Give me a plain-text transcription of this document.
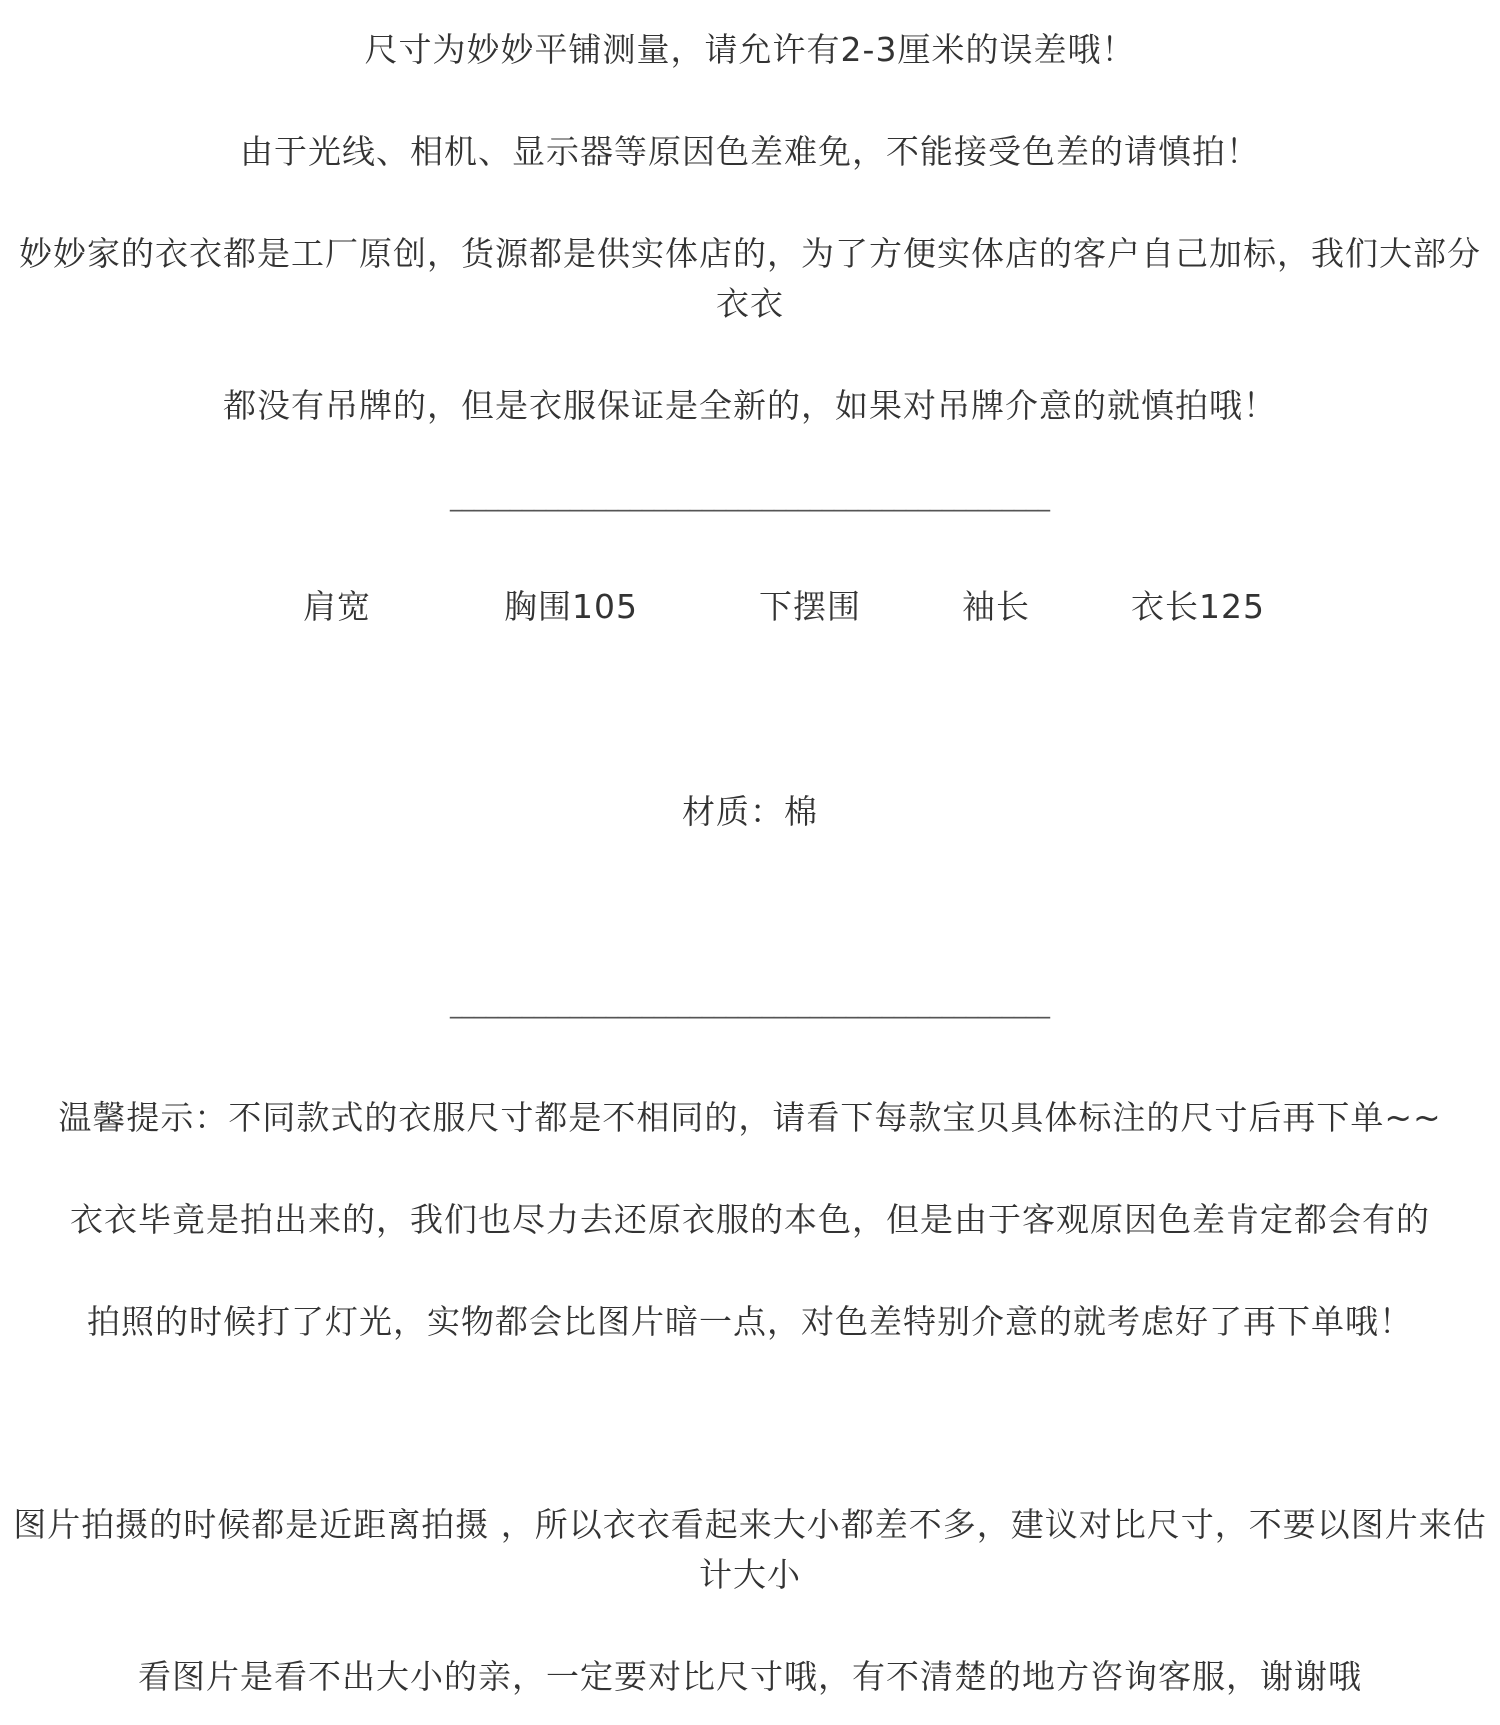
尺寸为妙妙平铺测量，请允许有2-3厘米的误差哦！
由于光线、相机、显示器等原因色差难免，不能接受色差的请慎拍！
妙妙家的衣衣都是工厂原创，货源都是供实体店的，为了方便实体店的客户自己加标，我们大部分衣衣
都没有吊牌的，但是衣服保证是全新的，如果对吊牌介意的就慎拍哦！
__________________________________________________
肩宽	胸围105	下摆围	袖长	衣长125
材质：棉
__________________________________________________
温馨提示：不同款式的衣服尺寸都是不相同的，请看下每款宝贝具体标注的尺寸后再下单~~
衣衣毕竟是拍出来的，我们也尽力去还原衣服的本色，但是由于客观原因色差肯定都会有的
拍照的时候打了灯光，实物都会比图片暗一点，对色差特别介意的就考虑好了再下单哦！
图片拍摄的时候都是近距离拍摄 ，所以衣衣看起来大小都差不多，建议对比尺寸，不要以图片来估计大小
看图片是看不出大小的亲，一定要对比尺寸哦，有不清楚的地方咨询客服，谢谢哦
